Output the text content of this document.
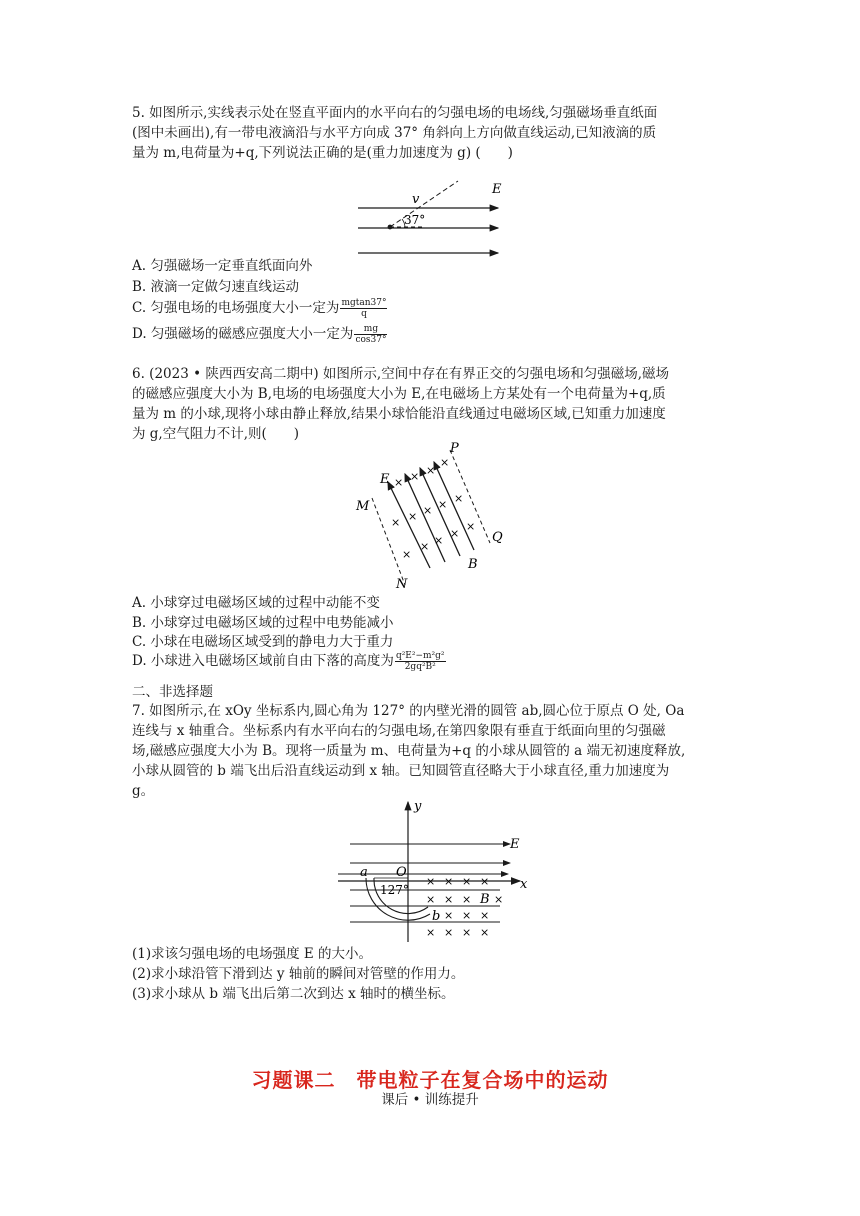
5. 如图所示,实线表示处在竖直平面内的水平向右的匀强电场的电场线,匀强磁场垂直纸面
(图中未画出),有一带电液滴沿与水平方向成 37° 角斜向上方向做直线运动,已知液滴的质
量为 m,电荷量为+q,下列说法正确的是(重力加速度为 g) (　　)
v
E
37°
A. 匀强磁场一定垂直纸面向外
B. 液滴一定做匀速直线运动
C. 匀强电场的电场强度大小一定为 $\frac{mgtan37^\circ}{q}$
D. 匀强磁场的磁感应强度大小一定为 $\frac{mg}{\cos 37^\circ}$
6. (2023 • 陕西西安高二期中) 如图所示,空间中存在有界正交的匀强电场和匀强磁场,磁场
的磁感应强度大小为 B,电场的电场强度大小为 E,在电磁场上方某处有一个电荷量为+q,质
量为 m 的小球,现将小球由静止释放,结果小球恰能沿直线通过电磁场区域,已知重力加速度
为 g,空气阻力不计,则(　　)
× × ×
×
× × × × ×
×
× ×
×
×
E
P
M
Q
B
N
A. 小球穿过电磁场区域的过程中动能不变
B. 小球穿过电磁场区域的过程中电势能减小
C. 小球在电磁场区域受到的静电力大于重力
D. 小球进入电磁场区域前自由下落的高度为 $\frac{\text{q²E²−m²g²}}{\text{2gq²B²}}$
二、非选择题
7. 如图所示,在 xOy 坐标系内,圆心角为 127° 的内壁光滑的圆管 ab,圆心位于原点 O 处, Oa
连线与 x 轴重合。坐标系内有水平向右的匀强电场,在第四象限有垂直于纸面向里的匀强磁
场,磁感应强度大小为 B。现将一质量为 m、电荷量为+q 的小球从圆管的 a 端无初速度释放,
小球从圆管的 b 端飞出后沿直线运动到 x 轴。已知圆管直径略大于小球直径,重力加速度为
g。
× × × ×
× × × ×
× × ×
× × × ×
y
E
a O
x
127°
B
b
(1)求该匀强电场的电场强度 E 的大小。
(2)求小球沿管下滑到达 y 轴前的瞬间对管壁的作用力。
(3)求小球从 b 端飞出后第二次到达 x 轴时的横坐标。
习题课二　带电粒子在复合场中的运动
课后 • 训练提升
